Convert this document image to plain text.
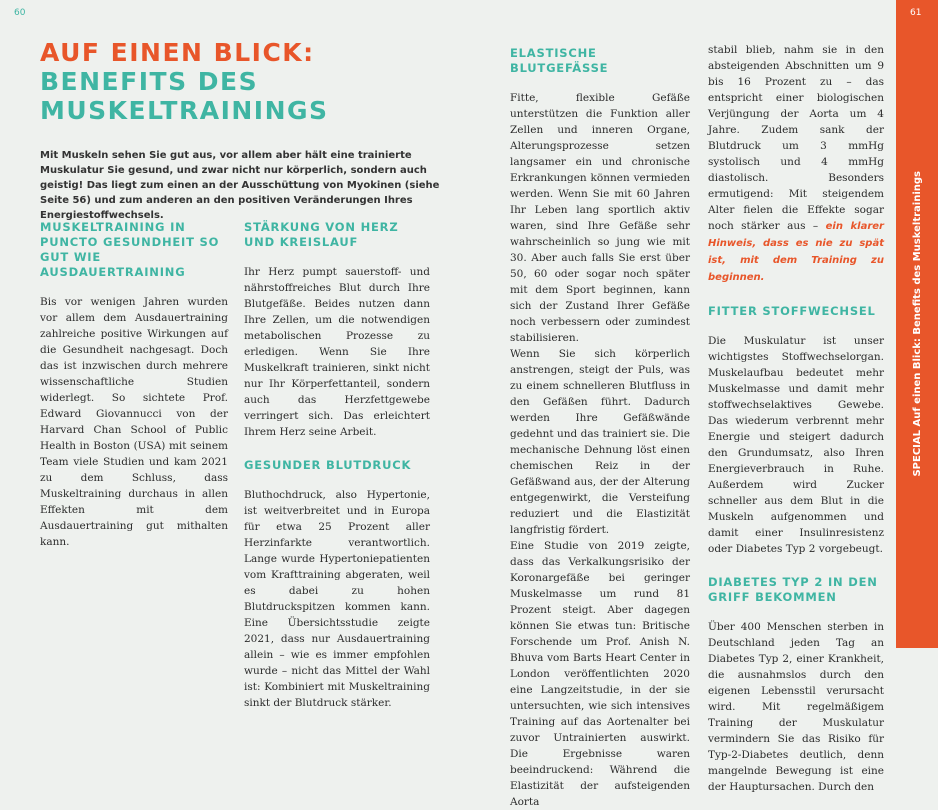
60	61
SPECIAL Auf einen Blick: Benefits des Muskeltrainings
AUF EINEN BLICK:
BENEFITS DES
MUSKELTRAININGS

Mit Muskeln sehen Sie gut aus, vor allem aber hält eine trainierte Muskulatur Sie gesund, und zwar nicht nur körperlich, sondern auch geistig! Das liegt zum einen an der Ausschüttung von Myokinen (siehe Seite 56) und zum anderen an den positiven Veränderungen Ihres Energiestoffwechsels.

MUSKELTRAINING IN PUNCTO GESUNDHEIT SO GUT WIE AUSDAUERTRAINING

Bis vor wenigen Jahren wurden vor allem dem Ausdauertraining zahlreiche positive Wirkungen auf die Gesundheit nachgesagt. Doch das ist inzwischen durch mehrere wissenschaftliche Studien widerlegt. So sichtete Prof. Edward Giovannucci von der Harvard Chan School of Public Health in Boston (USA) mit seinem Team viele Studien und kam 2021 zu dem Schluss, dass Muskeltraining durchaus in allen Effekten mit dem Ausdauertraining gut mithalten kann.

STÄRKUNG VON HERZ UND KREISLAUF

Ihr Herz pumpt sauerstoff- und nährstoffreiches Blut durch Ihre Blutgefäße. Beides nutzen dann Ihre Zellen, um die notwendigen metabolischen Prozesse zu erledigen. Wenn Sie Ihre Muskelkraft trainieren, sinkt nicht nur Ihr Körperfettanteil, sondern auch das Herzfettgewebe verringert sich. Das erleichtert Ihrem Herz seine Arbeit.

GESUNDER BLUTDRUCK

Bluthochdruck, also Hypertonie, ist weitverbreitet und in Europa für etwa 25 Prozent aller Herzinfarkte verantwortlich. Lange wurde Hypertoniepatienten vom Krafttraining abgeraten, weil es dabei zu hohen Blutdruckspitzen kommen kann. Eine Übersichtsstudie zeigte 2021, dass nur Ausdauertraining allein – wie es immer empfohlen wurde – nicht das Mittel der Wahl ist: Kombiniert mit Muskeltraining sinkt der Blutdruck stärker.

ELASTISCHE BLUTGEFÄSSE

Fitte, flexible Gefäße unterstützen die Funktion aller Zellen und inneren Organe, Alterungsprozesse setzen langsamer ein und chronische Erkrankungen können vermieden werden. Wenn Sie mit 60 Jahren Ihr Leben lang sportlich aktiv waren, sind Ihre Gefäße sehr wahrscheinlich so jung wie mit 30. Aber auch falls Sie erst über 50, 60 oder sogar noch später mit dem Sport beginnen, kann sich der Zustand Ihrer Gefäße noch verbessern oder zumindest stabilisieren.

Wenn Sie sich körperlich anstrengen, steigt der Puls, was zu einem schnelleren Blutfluss in den Gefäßen führt. Dadurch werden Ihre Gefäßwände gedehnt und das trainiert sie. Die mechanische Dehnung löst einen chemischen Reiz in der Gefäßwand aus, der der Alterung entgegenwirkt, die Versteifung reduziert und die Elastizität langfristig fördert.

Eine Studie von 2019 zeigte, dass das Verkalkungsrisiko der Koronargefäße bei geringer Muskelmasse um rund 81 Prozent steigt. Aber dagegen können Sie etwas tun: Britische Forschende um Prof. Anish N. Bhuva vom Barts Heart Center in London veröffentlichten 2020 eine Langzeitstudie, in der sie untersuchten, wie sich intensives Training auf das Aortenalter bei zuvor Untrainierten auswirkt. Die Ergebnisse waren beeindruckend: Während die Elastizität der aufsteigenden Aorta

stabil blieb, nahm sie in den absteigenden Abschnitten um 9 bis 16 Prozent zu – das entspricht einer biologischen Verjüngung der Aorta um 4 Jahre. Zudem sank der Blutdruck um 3 mmHg systolisch und 4 mmHg diastolisch. Besonders ermutigend: Mit steigendem Alter fielen die Effekte sogar noch stärker aus – ein klarer Hinweis, dass es nie zu spät ist, mit dem Training zu beginnen.

FITTER STOFFWECHSEL

Die Muskulatur ist unser wichtigstes Stoffwechselorgan. Muskelaufbau bedeutet mehr Muskelmasse und damit mehr stoffwechselaktives Gewebe. Das wiederum verbrennt mehr Energie und steigert dadurch den Grundumsatz, also Ihren Energieverbrauch in Ruhe. Außerdem wird Zucker schneller aus dem Blut in die Muskeln aufgenommen und damit einer Insulinresistenz oder Diabetes Typ 2 vorgebeugt.

DIABETES TYP 2 IN DEN GRIFF BEKOMMEN

Über 400 Menschen sterben in Deutschland jeden Tag an Diabetes Typ 2, einer Krankheit, die ausnahmslos durch den eigenen Lebensstil verursacht wird. Mit regelmäßigem Training der Muskulatur vermindern Sie das Risiko für Typ-2-Diabetes deutlich, denn mangelnde Bewegung ist eine der Hauptursachen. Durch den
